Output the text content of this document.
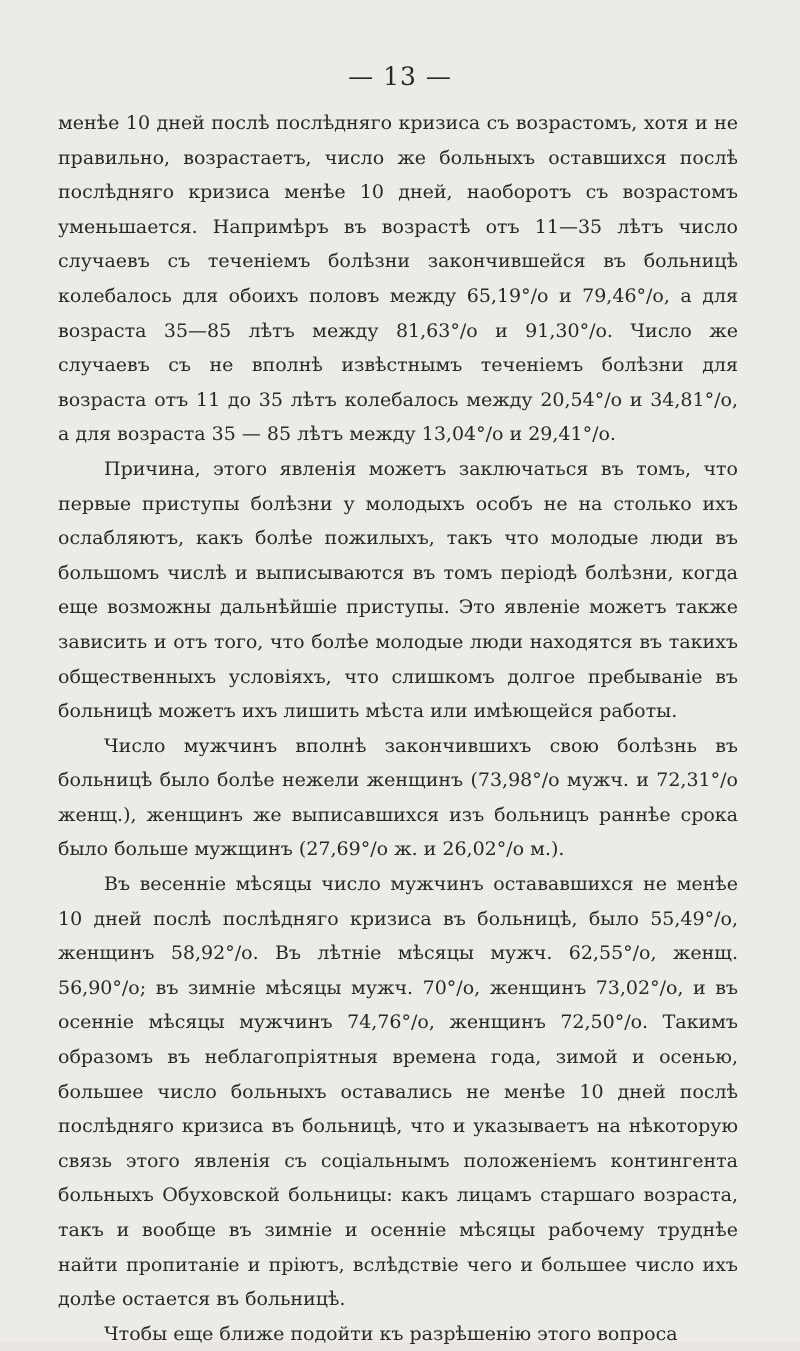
— 13 —

менѣе 10 дней послѣ послѣдняго кризиса съ возрастомъ, хотя и не правильно, возрастаетъ, число же больныхъ оставшихся послѣ послѣдняго кризиса менѣе 10 дней, наоборотъ съ возрастомъ уменьшается. Напримѣръ въ возрастѣ отъ 11—35 лѣтъ число случаевъ съ теченіемъ болѣзни закончившейся въ больницѣ колебалось для обоихъ половъ между 65,19°/о и 79,46°/о, а для возраста 35—85 лѣтъ между 81,63°/о и 91,30°/о. Число же случаевъ съ не вполнѣ извѣстнымъ теченіемъ болѣзни для возраста отъ 11 до 35 лѣтъ колебалось между 20,54°/о и 34,81°/о, а для возраста 35 — 85 лѣтъ между 13,04°/о и 29,41°/о.

Причина, этого явленія можетъ заключаться въ томъ, что первые приступы болѣзни у молодыхъ особъ не на столько ихъ ослабляютъ, какъ болѣе пожилыхъ, такъ что молодые люди въ большомъ числѣ и выписываются въ томъ періодѣ болѣзни, когда еще возможны дальнѣйшіе приступы. Это явленіе можетъ также зависить и отъ того, что болѣе молодые люди находятся въ такихъ общественныхъ условіяхъ, что слишкомъ долгое пребываніе въ больницѣ можетъ ихъ лишить мѣста или имѣющейся работы.

Число мужчинъ вполнѣ закончившихъ свою болѣзнь въ больницѣ было болѣе нежели женщинъ (73,98°/о мужч. и 72,31°/о женщ.), женщинъ же выписавшихся изъ больницъ раннѣе срока было больше мужщинъ (27,69°/о ж. и 26,02°/о м.).

Въ весенніе мѣсяцы число мужчинъ остававшихся не менѣе 10 дней послѣ послѣдняго кризиса въ больницѣ, было 55,49°/о, женщинъ 58,92°/о. Въ лѣтніе мѣсяцы мужч. 62,55°/о, женщ. 56,90°/о; въ зимніе мѣсяцы мужч. 70°/о, женщинъ 73,02°/о, и въ осенніе мѣсяцы мужчинъ 74,76°/о, женщинъ 72,50°/о. Такимъ образомъ въ неблагопріятныя времена года, зимой и осенью, большее число больныхъ оставались не менѣе 10 дней послѣ послѣдняго кризиса въ больницѣ, что и указываетъ на нѣкоторую связь этого явленія съ соціальнымъ положеніемъ контингента больныхъ Обуховской больницы: какъ лицамъ старшаго возраста, такъ и вообще въ зимніе и осенніе мѣсяцы рабочему труднѣе найти пропитаніе и пріютъ, вслѣдствіе чего и большее число ихъ долѣе остается въ больницѣ.

Чтобы еще ближе подойти къ разрѣшенію этого вопроса
